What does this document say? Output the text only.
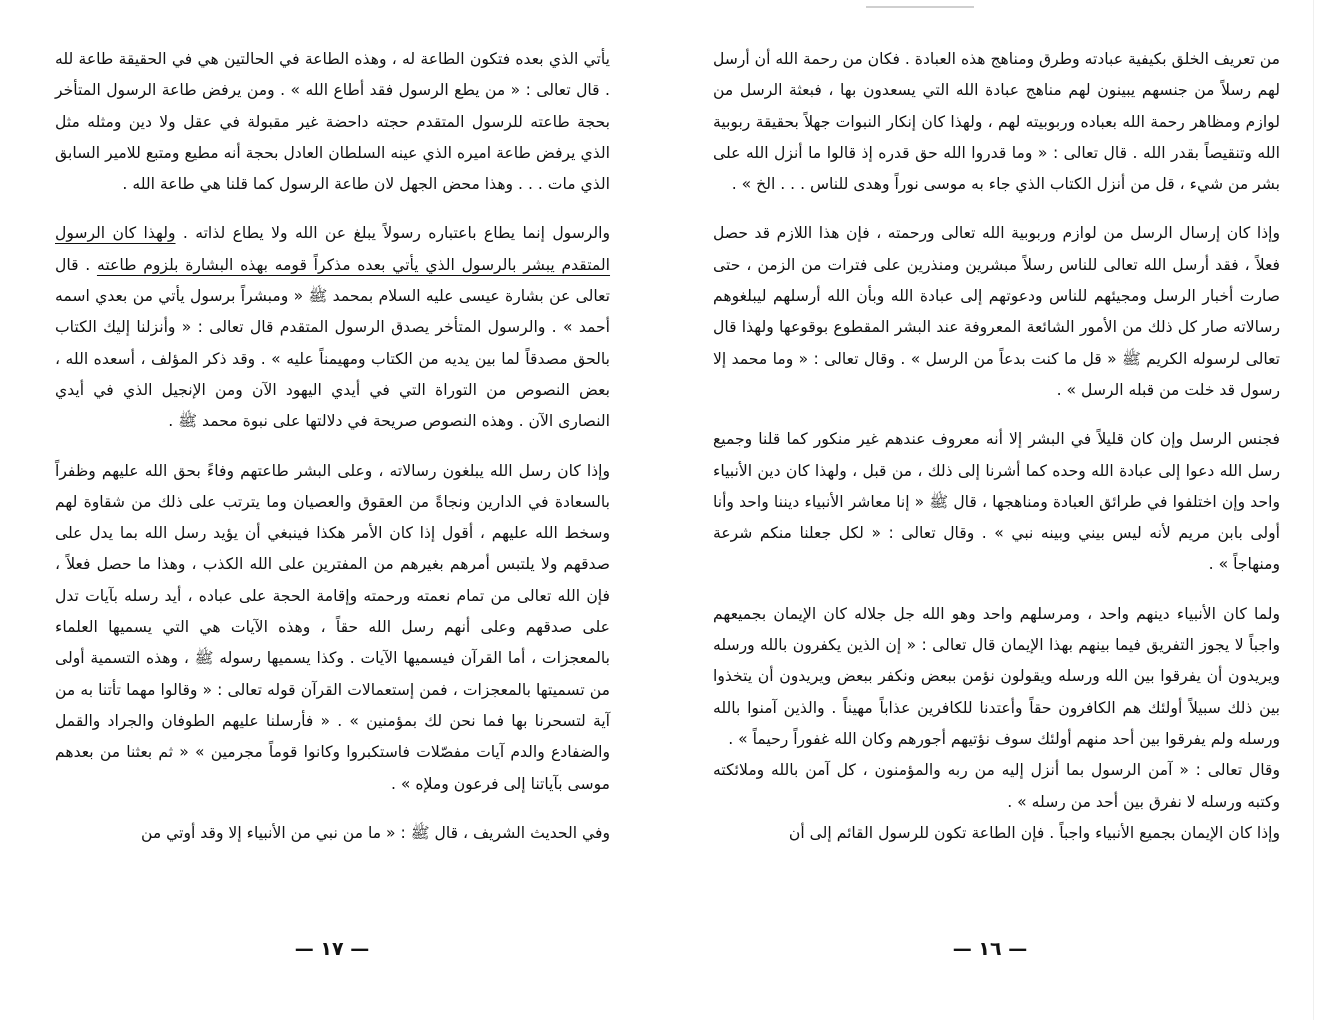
يأتي الذي بعده فتكون الطاعة له ، وهذه الطاعة في الحالتين هي في الحقيقة طاعة لله . قال تعالى : « من يطع الرسول فقد أطاع الله » . ومن يرفض طاعة الرسول المتأخر بحجة طاعته للرسول المتقدم حجته داحضة غير مقبولة في عقل ولا دين ومثله مثل الذي يرفض طاعة اميره الذي عينه السلطان العادل بحجة أنه مطيع ومتبع للامير السابق الذي مات . . . وهذا محض الجهل لان طاعة الرسول كما قلنا هي طاعة الله .

والرسول إنما يطاع باعتباره رسولاً يبلغ عن الله ولا يطاع لذاته . ولهذا كان الرسول المتقدم يبشر بالرسول الذي يأتي بعده مذكراً قومه بهذه البشارة بلزوم طاعته . قال تعالى عن بشارة عيسى عليه السلام بمحمد ﷺ « ومبشراً برسول يأتي من بعدي اسمه أحمد » . والرسول المتأخر يصدق الرسول المتقدم قال تعالى : « وأنزلنا إليك الكتاب بالحق مصدقاً لما بين يديه من الكتاب ومهيمناً عليه » . وقد ذكر المؤلف ، أسعده الله ، بعض النصوص من التوراة التي في أيدي اليهود الآن ومن الإنجيل الذي في أيدي النصارى الآن . وهذه النصوص صريحة في دلالتها على نبوة محمد ﷺ .

وإذا كان رسل الله يبلغون رسالاته ، وعلى البشر طاعتهم وفاءً بحق الله عليهم وظفراً بالسعادة في الدارين ونجاةً من العقوق والعصيان وما يترتب على ذلك من شقاوة لهم وسخط الله عليهم ، أقول إذا كان الأمر هكذا فينبغي أن يؤيد رسل الله بما يدل على صدقهم ولا يلتبس أمرهم بغيرهم من المفترين على الله الكذب ، وهذا ما حصل فعلاً ، فإن الله تعالى من تمام نعمته ورحمته وإقامة الحجة على عباده ، أيد رسله بآيات تدل على صدقهم وعلى أنهم رسل الله حقاً ، وهذه الآيات هي التي يسميها العلماء بالمعجزات ، أما القرآن فيسميها الآيات . وكذا يسميها رسوله ﷺ ، وهذه التسمية أولى من تسميتها بالمعجزات ، فمن إستعمالات القرآن قوله تعالى : « وقالوا مهما تأتنا به من آية لتسحرنا بها فما نحن لك بمؤمنين » . « فأرسلنا عليهم الطوفان والجراد والقمل والضفادع والدم آيات مفصّلات فاستكبروا وكانوا قوماً مجرمين » « ثم بعثنا من بعدهم موسى بآياتنا إلى فرعون وملإه » .

وفي الحديث الشريف ، قال ﷺ : « ما من نبي من الأنبياء إلا وقد أوتي من

— ١٧ —

من تعريف الخلق بكيفية عبادته وطرق ومناهج هذه العبادة . فكان من رحمة الله أن أرسل لهم رسلاً من جنسهم يبينون لهم مناهج عبادة الله التي يسعدون بها ، فبعثة الرسل من لوازم ومظاهر رحمة الله بعباده وربوبيته لهم ، ولهذا كان إنكار النبوات جهلاً بحقيقة ربوبية الله وتنقيصاً بقدر الله . قال تعالى : « وما قدروا الله حق قدره إذ قالوا ما أنزل الله على بشر من شيء ، قل من أنزل الكتاب الذي جاء به موسى نوراً وهدى للناس . . . الخ » .

وإذا كان إرسال الرسل من لوازم وربوبية الله تعالى ورحمته ، فإن هذا اللازم قد حصل فعلاً ، فقد أرسل الله تعالى للناس رسلاً مبشرين ومنذرين على فترات من الزمن ، حتى صارت أخبار الرسل ومجيئهم للناس ودعوتهم إلى عبادة الله وبأن الله أرسلهم ليبلغوهم رسالاته صار كل ذلك من الأمور الشائعة المعروفة عند البشر المقطوع بوقوعها ولهذا قال تعالى لرسوله الكريم ﷺ « قل ما كنت بدعاً من الرسل » . وقال تعالى : « وما محمد إلا رسول قد خلت من قبله الرسل » .

فجنس الرسل وإن كان قليلاً في البشر إلا أنه معروف عندهم غير منكور كما قلنا وجميع رسل الله دعوا إلى عبادة الله وحده كما أشرنا إلى ذلك ، من قبل ، ولهذا كان دين الأنبياء واحد وإن اختلفوا في طرائق العبادة ومناهجها ، قال ﷺ « إنا معاشر الأنبياء ديننا واحد وأنا أولى بابن مريم لأنه ليس بيني وبينه نبي » . وقال تعالى : « لكل جعلنا منكم شرعة ومنهاجاً » .

ولما كان الأنبياء دينهم واحد ، ومرسلهم واحد وهو الله جل جلاله كان الإيمان بجميعهم واجباً لا يجوز التفريق فيما بينهم بهذا الإيمان قال تعالى : « إن الذين يكفرون بالله ورسله ويريدون أن يفرقوا بين الله ورسله ويقولون نؤمن ببعض ونكفر ببعض ويريدون أن يتخذوا بين ذلك سبيلاً أولئك هم الكافرون حقاً وأعتدنا للكافرين عذاباً مهيناً . والذين آمنوا بالله ورسله ولم يفرقوا بين أحد منهم أولئك سوف نؤتيهم أجورهم وكان الله غفوراً رحيماً » .

وقال تعالى : « آمن الرسول بما أنزل إليه من ربه والمؤمنون ، كل آمن بالله وملائكته وكتبه ورسله لا نفرق بين أحد من رسله » .

وإذا كان الإيمان بجميع الأنبياء واجباً . فإن الطاعة تكون للرسول القائم إلى أن

— ١٦ —
